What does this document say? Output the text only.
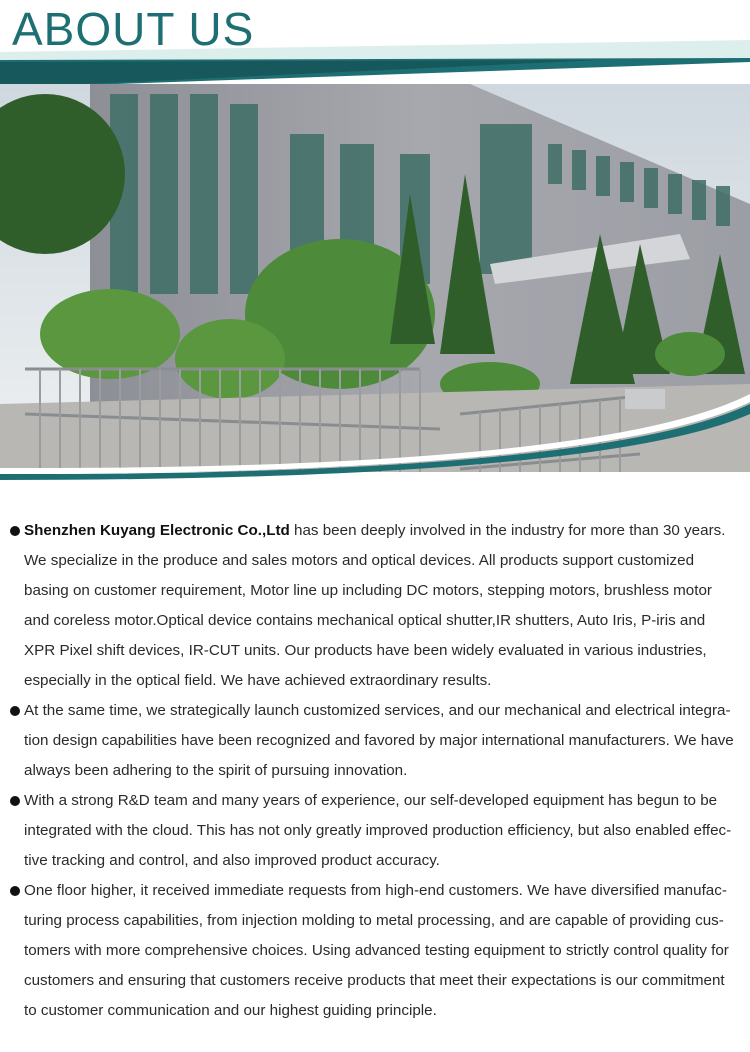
ABOUT US

Shenzhen Kuyang Electronic Co.,Ltd has been deeply involved in the industry for more than 30 years. We specialize in the produce and sales motors and optical devices. All products support customized basing on customer requirement, Motor line up including DC motors, stepping motors, brushless motor and coreless motor.Optical device contains mechanical optical shutter,IR shutters, Auto Iris, P-iris and XPR Pixel shift devices, IR-CUT units. Our products have been widely evaluated in various industries, especially in the optical field. We have achieved extraordinary results.

At the same time, we strategically launch customized services, and our mechanical and electrical integra-tion design capabilities have been recognized and favored by major international manufacturers. We have always been adhering to the spirit of pursuing innovation.

With a strong R&D team and many years of experience, our self-developed equipment has begun to be integrated with the cloud. This has not only greatly improved production efficiency, but also enabled effec-tive tracking and control, and also improved product accuracy.

One floor higher, it received immediate requests from high-end customers. We have diversified manufac-turing process capabilities, from injection molding to metal processing, and are capable of providing cus-tomers with more comprehensive choices. Using advanced testing equipment to strictly control quality for customers and ensuring that customers receive products that meet their expectations is our commitment to customer communication and our highest guiding principle.
